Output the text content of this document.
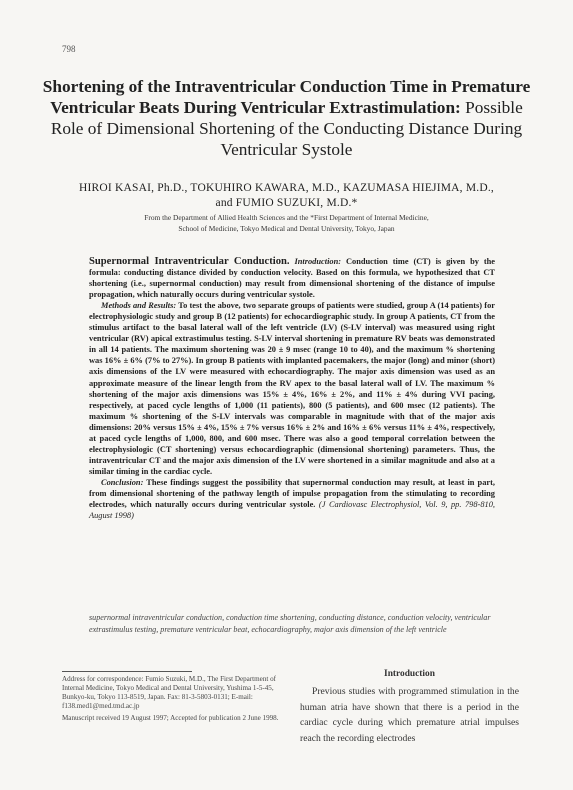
798
Shortening of the Intraventricular Conduction Time in Premature Ventricular Beats During Ventricular Extrastimulation: Possible Role of Dimensional Shortening of the Conducting Distance During Ventricular Systole
HIROI KASAI, Ph.D., TOKUHIRO KAWARA, M.D., KAZUMASA HIEJIMA, M.D.,
and FUMIO SUZUKI, M.D.*
From the Department of Allied Health Sciences and the *First Department of Internal Medicine,
School of Medicine, Tokyo Medical and Dental University, Tokyo, Japan

Supernormal Intraventricular Conduction. Introduction: Conduction time (CT) is given by the formula: conducting distance divided by conduction velocity. Based on this formula, we hypothesized that CT shortening (i.e., supernormal conduction) may result from dimensional shortening of the distance of impulse propagation, which naturally occurs during ventricular systole.

Methods and Results: To test the above, two separate groups of patients were studied, group A (14 patients) for electrophysiologic study and group B (12 patients) for echocardiographic study. In group A patients, CT from the stimulus artifact to the basal lateral wall of the left ventricle (LV) (S-LV interval) was measured using right ventricular (RV) apical extrastimulus testing. S-LV interval shortening in premature RV beats was demonstrated in all 14 patients. The maximum shortening was 20 ± 9 msec (range 10 to 40), and the maximum % shortening was 16% ± 6% (7% to 27%). In group B patients with implanted pacemakers, the major (long) and minor (short) axis dimensions of the LV were measured with echocardiography. The major axis dimension was used as an approximate measure of the linear length from the RV apex to the basal lateral wall of LV. The maximum % shortening of the major axis dimensions was 15% ± 4%, 16% ± 2%, and 11% ± 4% during VVI pacing, respectively, at paced cycle lengths of 1,000 (11 patients), 800 (5 patients), and 600 msec (12 patients). The maximum % shortening of the S-LV intervals was comparable in magnitude with that of the major axis dimensions: 20% versus 15% ± 4%, 15% ± 7% versus 16% ± 2% and 16% ± 6% versus 11% ± 4%, respectively, at paced cycle lengths of 1,000, 800, and 600 msec. There was also a good temporal correlation between the electrophysiologic (CT shortening) versus echocardiographic (dimensional shortening) parameters. Thus, the intraventricular CT and the major axis dimension of the LV were shortened in a similar magnitude and also at a similar timing in the cardiac cycle.

Conclusion: These findings suggest the possibility that supernormal conduction may result, at least in part, from dimensional shortening of the pathway length of impulse propagation from the stimulating to recording electrodes, which naturally occurs during ventricular systole. (J Cardiovasc Electrophysiol, Vol. 9, pp. 798-810, August 1998)

supernormal intraventricular conduction, conduction time shortening, conducting distance, conduction velocity, ventricular extrastimulus testing, premature ventricular beat, echocardiography, major axis dimension of the left ventricle

Address for correspondence: Fumio Suzuki, M.D., The First Department of Internal Medicine, Tokyo Medical and Dental University, Yushima 1-5-45, Bunkyo-ku, Tokyo 113-8519, Japan. Fax: 81-3-5803-0131; E-mail: f138.med1@med.tmd.ac.jp

Manuscript received 19 August 1997; Accepted for publication 2 June 1998.

Introduction

Previous studies with programmed stimulation in the human atria have shown that there is a period in the cardiac cycle during which premature atrial impulses reach the recording electrodes
